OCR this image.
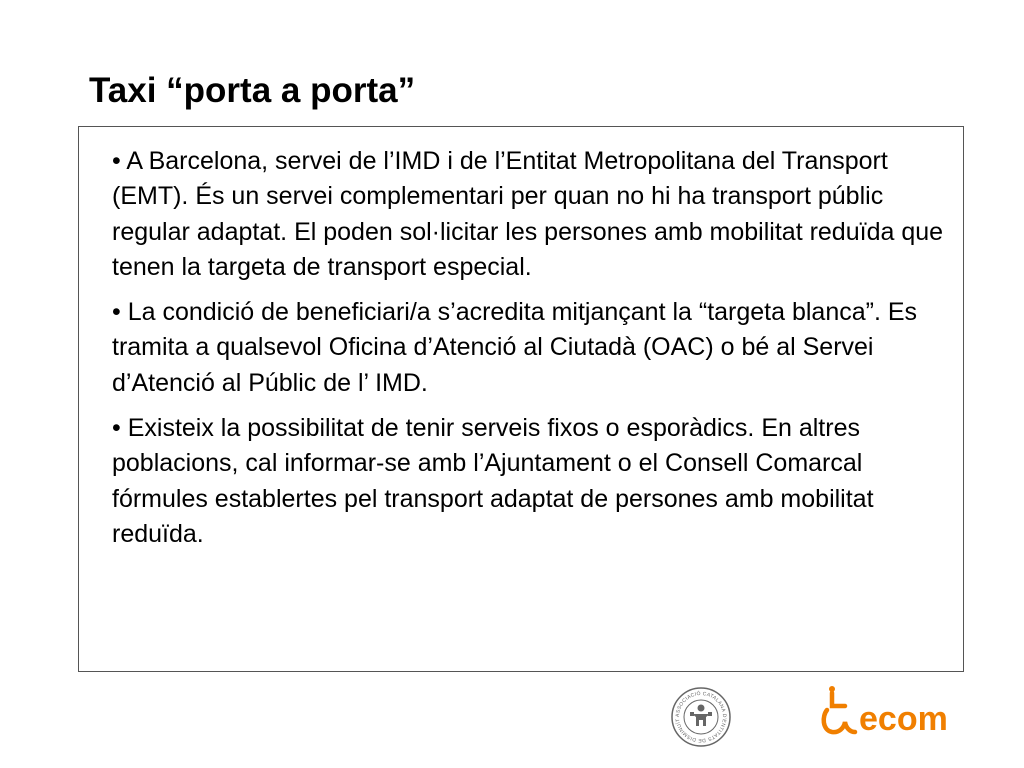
Taxi “porta a porta”
• A Barcelona, servei de l’IMD i de l’Entitat Metropolitana del Transport (EMT). És un servei complementari per quan no hi ha transport públic regular adaptat. El poden sol·licitar les persones amb mobilitat reduïda que tenen la targeta de transport especial.
• La condició de beneficiari/a s’acredita mitjançant la “targeta blanca”. Es tramita a qualsevol Oficina d’Atenció al Ciutadà (OAC) o bé al Servei d’Atenció al Públic de l’ IMD.
• Existeix la possibilitat de tenir serveis fixos o esporàdics. En altres poblacions, cal informar-se amb l’Ajuntament o el Consell Comarcal fórmules establertes pel transport adaptat de persones amb mobilitat reduïda.
ASSOCIACIÓ CATALANA D’ENTITATS DE DISMINUÏT	ecom
